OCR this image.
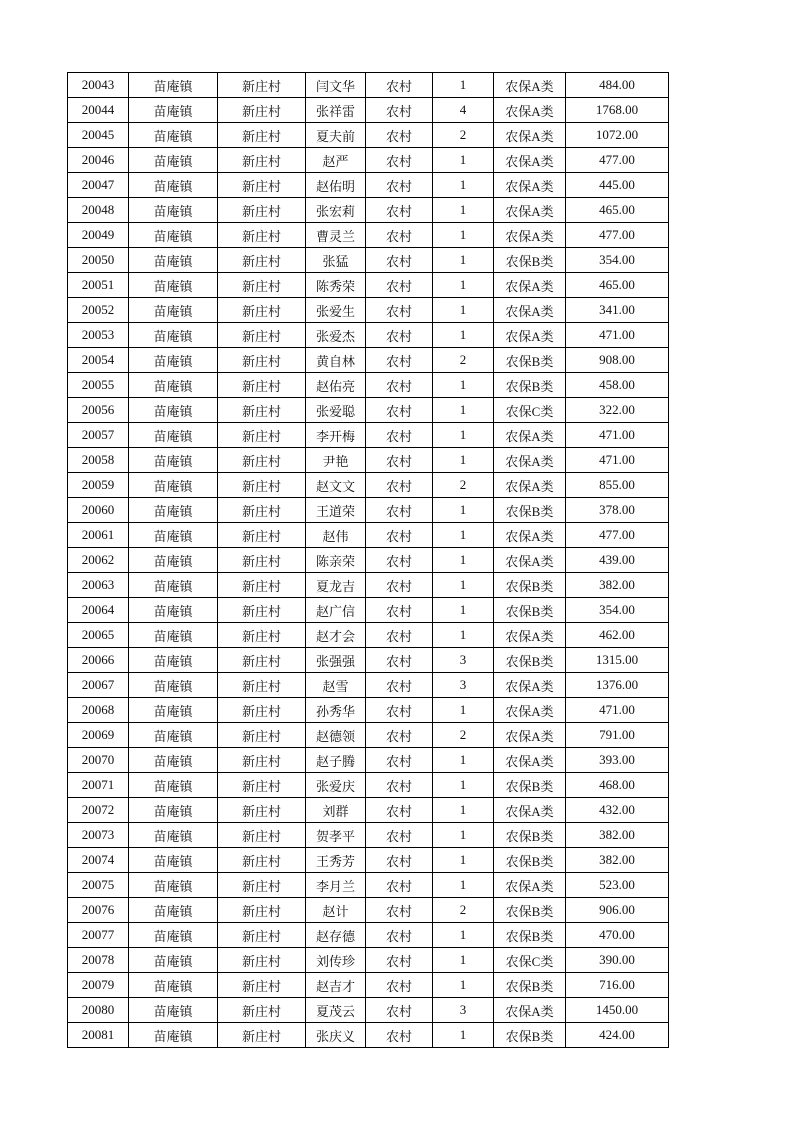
20043	苗庵镇	新庄村	闫文华	农村	1	农保A类	484.00
20044	苗庵镇	新庄村	张祥雷	农村	4	农保A类	1768.00
20045	苗庵镇	新庄村	夏夫前	农村	2	农保A类	1072.00
20046	苗庵镇	新庄村	赵严	农村	1	农保A类	477.00
20047	苗庵镇	新庄村	赵佑明	农村	1	农保A类	445.00
20048	苗庵镇	新庄村	张宏莉	农村	1	农保A类	465.00
20049	苗庵镇	新庄村	曹灵兰	农村	1	农保A类	477.00
20050	苗庵镇	新庄村	张猛	农村	1	农保B类	354.00
20051	苗庵镇	新庄村	陈秀荣	农村	1	农保A类	465.00
20052	苗庵镇	新庄村	张爱生	农村	1	农保A类	341.00
20053	苗庵镇	新庄村	张爱杰	农村	1	农保A类	471.00
20054	苗庵镇	新庄村	黄自林	农村	2	农保B类	908.00
20055	苗庵镇	新庄村	赵佑亮	农村	1	农保B类	458.00
20056	苗庵镇	新庄村	张爱聪	农村	1	农保C类	322.00
20057	苗庵镇	新庄村	李开梅	农村	1	农保A类	471.00
20058	苗庵镇	新庄村	尹艳	农村	1	农保A类	471.00
20059	苗庵镇	新庄村	赵文文	农村	2	农保A类	855.00
20060	苗庵镇	新庄村	王道荣	农村	1	农保B类	378.00
20061	苗庵镇	新庄村	赵伟	农村	1	农保A类	477.00
20062	苗庵镇	新庄村	陈亲荣	农村	1	农保A类	439.00
20063	苗庵镇	新庄村	夏龙吉	农村	1	农保B类	382.00
20064	苗庵镇	新庄村	赵广信	农村	1	农保B类	354.00
20065	苗庵镇	新庄村	赵才会	农村	1	农保A类	462.00
20066	苗庵镇	新庄村	张强强	农村	3	农保B类	1315.00
20067	苗庵镇	新庄村	赵雪	农村	3	农保A类	1376.00
20068	苗庵镇	新庄村	孙秀华	农村	1	农保A类	471.00
20069	苗庵镇	新庄村	赵德领	农村	2	农保A类	791.00
20070	苗庵镇	新庄村	赵子腾	农村	1	农保A类	393.00
20071	苗庵镇	新庄村	张爱庆	农村	1	农保B类	468.00
20072	苗庵镇	新庄村	刘群	农村	1	农保A类	432.00
20073	苗庵镇	新庄村	贺孝平	农村	1	农保B类	382.00
20074	苗庵镇	新庄村	王秀芳	农村	1	农保B类	382.00
20075	苗庵镇	新庄村	李月兰	农村	1	农保A类	523.00
20076	苗庵镇	新庄村	赵计	农村	2	农保B类	906.00
20077	苗庵镇	新庄村	赵存德	农村	1	农保B类	470.00
20078	苗庵镇	新庄村	刘传珍	农村	1	农保C类	390.00
20079	苗庵镇	新庄村	赵吉才	农村	1	农保B类	716.00
20080	苗庵镇	新庄村	夏茂云	农村	3	农保A类	1450.00
20081	苗庵镇	新庄村	张庆义	农村	1	农保B类	424.00
